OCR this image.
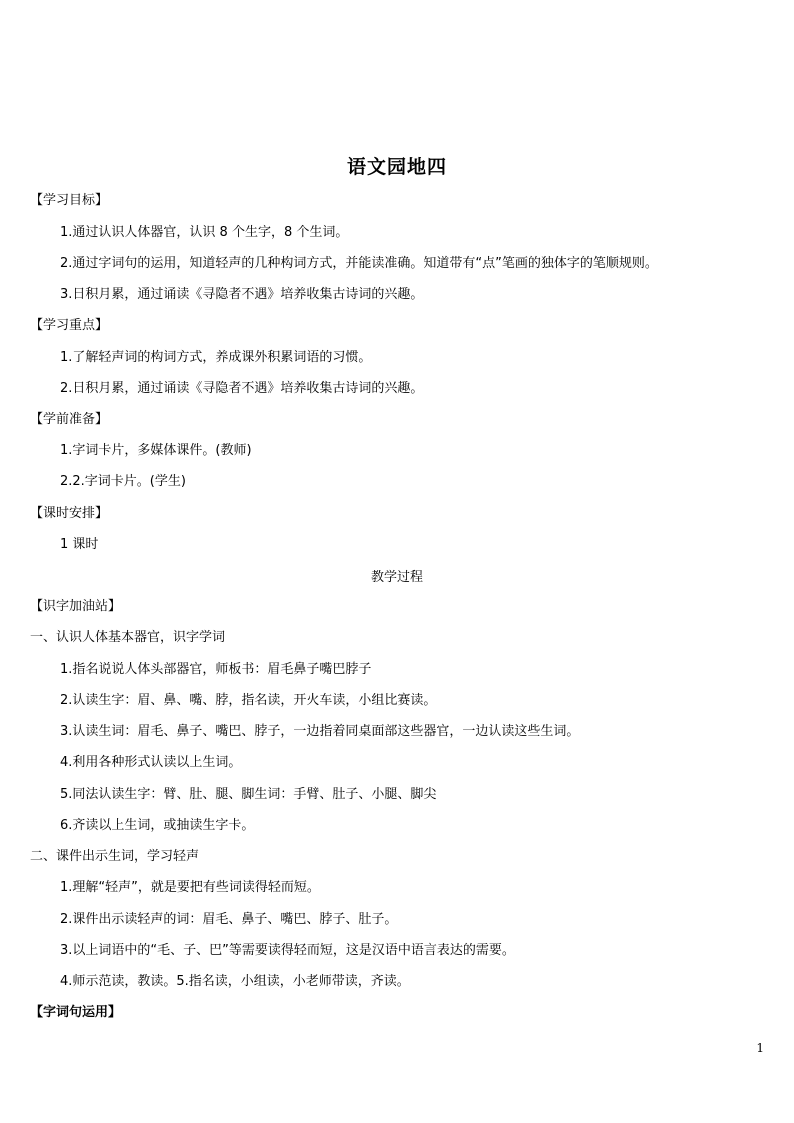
语文园地四
【学习目标】
1.通过认识人体器官，认识 8 个生字，8 个生词。
2.通过字词句的运用，知道轻声的几种构词方式，并能读准确。知道带有“点”笔画的独体字的笔顺规则。
3.日积月累，通过诵读《寻隐者不遇》培养收集古诗词的兴趣。
【学习重点】
1.了解轻声词的构词方式，养成课外积累词语的习惯。
2.日积月累，通过诵读《寻隐者不遇》培养收集古诗词的兴趣。
【学前准备】
1.字词卡片，多媒体课件。(教师)
2.2.字词卡片。(学生)
【课时安排】
1 课时
教学过程
【识字加油站】
一、认识人体基本器官，识字学词
1.指名说说人体头部器官，师板书：眉毛鼻子嘴巴脖子
2.认读生字：眉、鼻、嘴、脖，指名读，开火车读，小组比赛读。
3.认读生词：眉毛、鼻子、嘴巴、脖子，一边指着同桌面部这些器官，一边认读这些生词。
4.利用各种形式认读以上生词。
5.同法认读生字：臂、肚、腿、脚生词：手臂、肚子、小腿、脚尖
6.齐读以上生词，或抽读生字卡。
二、课件出示生词，学习轻声
1.理解“轻声”，就是要把有些词读得轻而短。
2.课件出示读轻声的词：眉毛、鼻子、嘴巴、脖子、肚子。
3.以上词语中的“毛、子、巴”等需要读得轻而短，这是汉语中语言表达的需要。
4.师示范读，教读。5.指名读，小组读，小老师带读，齐读。
【字词句运用】
1
